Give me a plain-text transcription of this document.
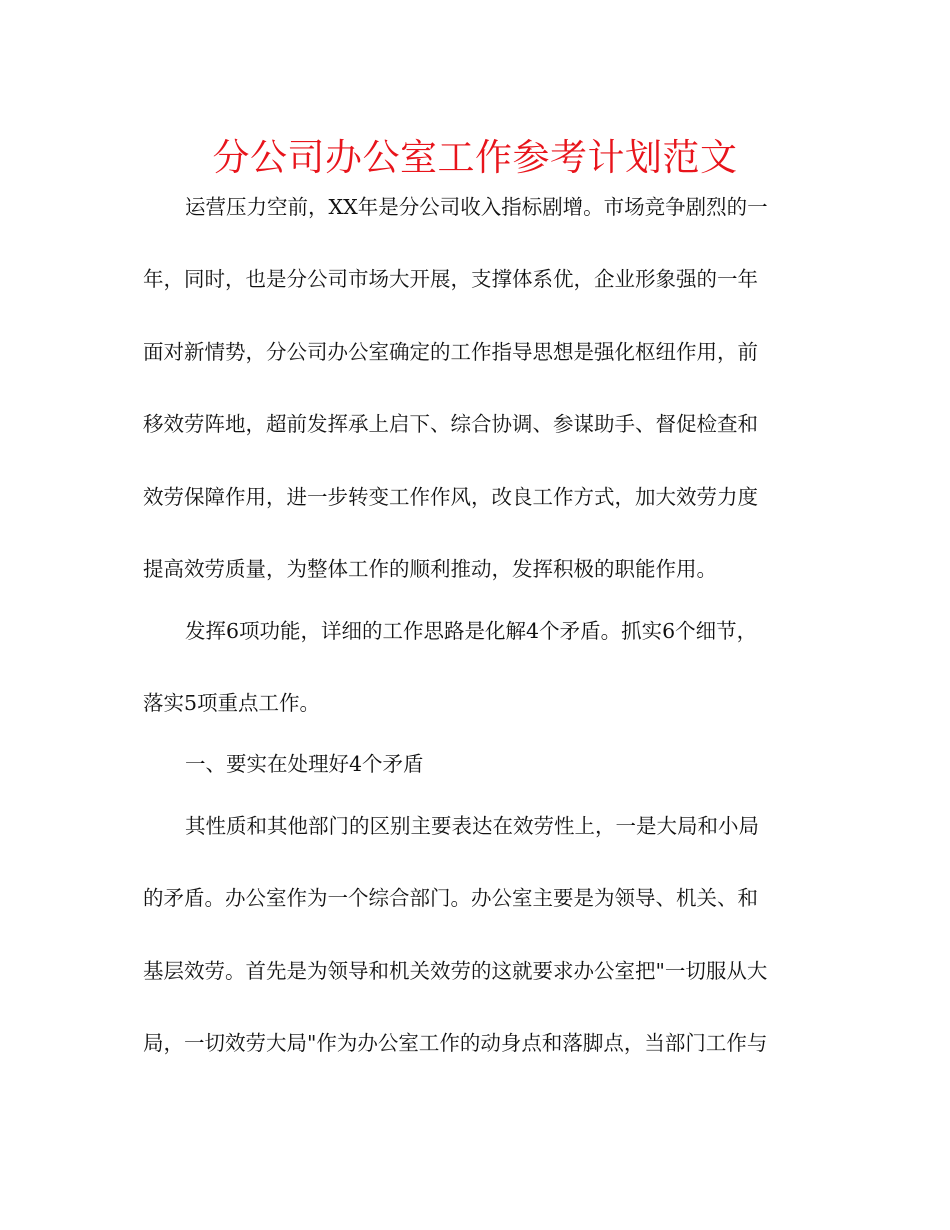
分公司办公室工作参考计划范文
运营压力空前，XX年是分公司收入指标剧增。市场竞争剧烈的一
年，同时，也是分公司市场大开展，支撑体系优，企业形象强的一年
面对新情势，分公司办公室确定的工作指导思想是强化枢纽作用，前
移效劳阵地，超前发挥承上启下、综合协调、参谋助手、督促检查和
效劳保障作用，进一步转变工作作风，改良工作方式，加大效劳力度
提高效劳质量，为整体工作的顺利推动，发挥积极的职能作用。
发挥6项功能，详细的工作思路是化解4个矛盾。抓实6个细节，
落实5项重点工作。
一、要实在处理好4个矛盾
其性质和其他部门的区别主要表达在效劳性上，一是大局和小局
的矛盾。办公室作为一个综合部门。办公室主要是为领导、机关、和
基层效劳。首先是为领导和机关效劳的这就要求办公室把"一切服从大
局，一切效劳大局"作为办公室工作的动身点和落脚点，当部门工作与
